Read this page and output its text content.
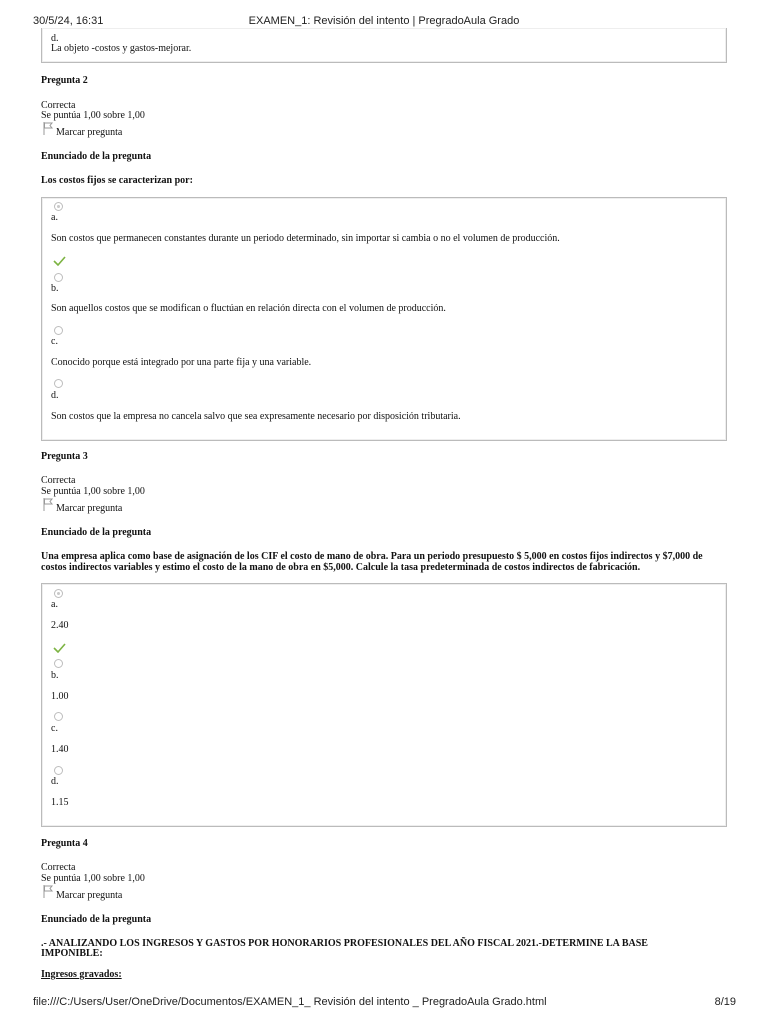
30/5/24, 16:31	EXAMEN_1: Revisión del intento | PregradoAula Grado
d.
La objeto -costos y gastos-mejorar.
Pregunta 2
Correcta
Se puntúa 1,00 sobre 1,00
Marcar pregunta
Enunciado de la pregunta
Los costos fijos se caracterizan por:
a.
Son costos que permanecen constantes durante un periodo determinado, sin importar si cambia o no el volumen de producción.
b.
Son aquellos costos que se modifican o fluctúan en relación directa con el volumen de producción.
c.
Conocido porque está integrado por una parte fija y una variable.
d.
Son costos que la empresa no cancela salvo que sea expresamente necesario por disposición tributaria.
Pregunta 3
Correcta
Se puntúa 1,00 sobre 1,00
Marcar pregunta
Enunciado de la pregunta
Una empresa aplica como base de asignación de los CIF el costo de mano de obra. Para un periodo presupuesto $ 5,000 en costos fijos indirectos y $7,000 de
costos indirectos variables y estimo el costo de la mano de obra en $5,000. Calcule la tasa predeterminada de costos indirectos de fabricación.
a.
2.40
b.
1.00
c.
1.40
d.
1.15
Pregunta 4
Correcta
Se puntúa 1,00 sobre 1,00
Marcar pregunta
Enunciado de la pregunta
.- ANALIZANDO LOS INGRESOS Y GASTOS POR HONORARIOS PROFESIONALES DEL AÑO FISCAL 2021.-DETERMINE LA BASE
IMPONIBLE:
Ingresos gravados:
file:///C:/Users/User/OneDrive/Documentos/EXAMEN_1_ Revisión del intento _ PregradoAula Grado.html	8/19
